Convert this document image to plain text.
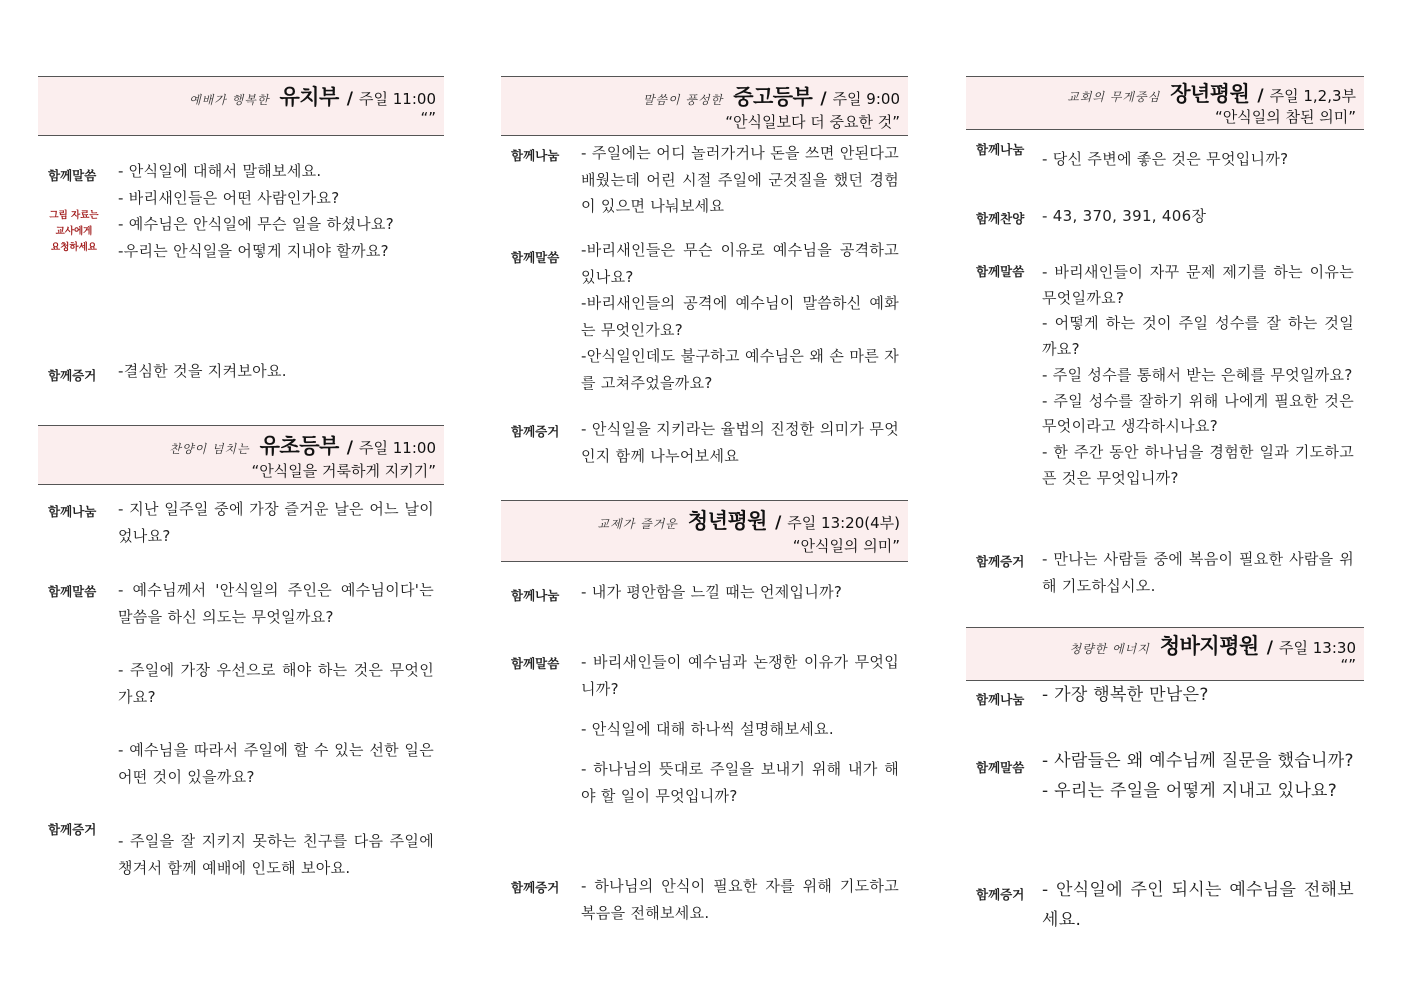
예배가 행복한 유치부 / 주일 11:00
“”
함께말씀
그림 자료는
교사에게
요청하세요
- 안식일에 대해서 말해보세요.
- 바리새인들은 어떤 사람인가요?
- 예수님은 안식일에 무슨 일을 하셨나요?
-우리는 안식일을 어떻게 지내야 할까요?
함께증거 -결심한 것을 지켜보아요.
찬양이 넘치는 유초등부 / 주일 11:00
“안식일을 거룩하게 지키기”
함께나눔 - 지난 일주일 중에 가장 즐거운 날은 어느 날이었나요?
함께말씀 - 예수님께서 '안식일의 주인은 예수님이다'는 말씀을 하신 의도는 무엇일까요?
- 주일에 가장 우선으로 해야 하는 것은 무엇인가요?
- 예수님을 따라서 주일에 할 수 있는 선한 일은 어떤 것이 있을까요?
함께증거
- 주일을 잘 지키지 못하는 친구를 다음 주일에 챙겨서 함께 예배에 인도해 보아요.
말씀이 풍성한 중고등부 / 주일 9:00
“안식일보다 더 중요한 것”
함께나눔 - 주일에는 어디 놀러가거나 돈을 쓰면 안된다고 배웠는데 어린 시절 주일에 군것질을 했던 경험이 있으면 나눠보세요
함께말씀 -바리새인들은 무슨 이유로 예수님을 공격하고 있나요?
-바리새인들의 공격에 예수님이 말씀하신 예화는 무엇인가요?
-안식일인데도 불구하고 예수님은 왜 손 마른 자를 고쳐주었을까요?
함께증거 - 안식일을 지키라는 율법의 진정한 의미가 무엇인지 함께 나누어보세요
교제가 즐거운 청년평원 / 주일 13:20(4부)
“안식일의 의미”
함께나눔 - 내가 평안함을 느낄 때는 언제입니까?
함께말씀 - 바리새인들이 예수님과 논쟁한 이유가 무엇입니까?
- 안식일에 대해 하나씩 설명해보세요.
- 하나님의 뜻대로 주일을 보내기 위해 내가 해야 할 일이 무엇입니까?
함께증거 - 하나님의 안식이 필요한 자를 위해 기도하고 복음을 전해보세요.
교회의 무게중심 장년평원 / 주일 1,2,3부
“안식일의 참된 의미”
함께나눔
- 당신 주변에 좋은 것은 무엇입니까?
함께찬양 - 43, 370, 391, 406장
함께말씀 - 바리새인들이 자꾸 문제 제기를 하는 이유는 무엇일까요?
- 어떻게 하는 것이 주일 성수를 잘 하는 것일까요?
- 주일 성수를 통해서 받는 은혜를 무엇일까요?
- 주일 성수를 잘하기 위해 나에게 필요한 것은 무엇이라고 생각하시나요?
- 한 주간 동안 하나님을 경험한 일과 기도하고픈 것은 무엇입니까?
함께증거 - 만나는 사람들 중에 복음이 필요한 사람을 위해 기도하십시오.
청량한 에너지 청바지평원 / 주일 13:30
“”
함께나눔 - 가장 행복한 만남은?
함께말씀 - 사람들은 왜 예수님께 질문을 했습니까?
- 우리는 주일을 어떻게 지내고 있나요?
함께증거 - 안식일에 주인 되시는 예수님을 전해보세요.
